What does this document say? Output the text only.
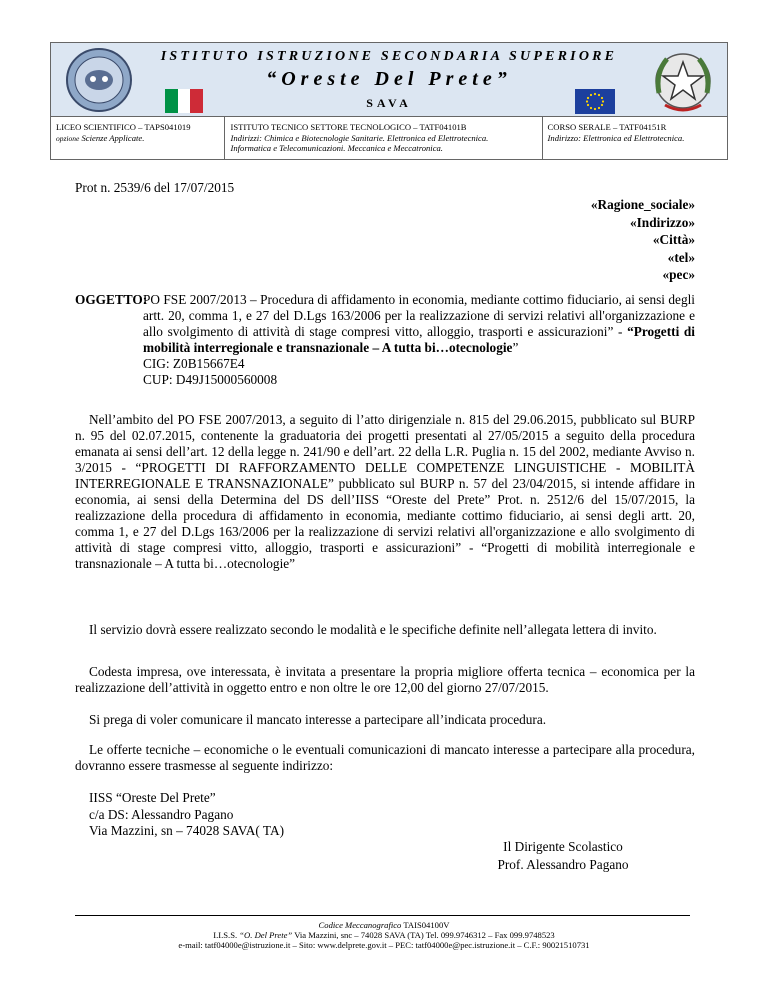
ISTITUTO ISTRUZIONE SECONDARIA SUPERIORE
“Oreste Del Prete”
SAVA
LICEO SCIENTIFICO – TAPS041019
opzione Scienze Applicate.
ISTITUTO TECNICO SETTORE TECNOLOGICO – TATF04101B
Indirizzi: Chimica e Biotecnologie Sanitarie. Elettronica ed Elettrotecnica.
Informatica e Telecomunicazioni. Meccanica e Meccatronica.
CORSO SERALE – TATF04151R
Indirizzo: Elettronica ed Elettrotecnica.
Prot n. 2539/6 del 17/07/2015
«Ragione_sociale»
«Indirizzo»
«Città»
«tel»
«pec»
OGGETTO:
PO FSE 2007/2013 – Procedura di affidamento in economia, mediante cottimo fiduciario, ai sensi degli artt. 20, comma 1, e 27 del D.Lgs 163/2006 per la realizzazione di servizi relativi all'organizzazione e allo svolgimento di attività di stage compresi vitto, alloggio, trasporti e assicurazioni” - “Progetti di mobilità interregionale e transnazionale – A tutta bi…otecnologie”
CIG: Z0B15667E4
CUP: D49J15000560008
Nell’ambito del PO FSE 2007/2013, a seguito di l’atto dirigenziale n. 815 del 29.06.2015, pubblicato sul BURP n. 95 del 02.07.2015, contenente la graduatoria dei progetti presentati al 27/05/2015 a seguito della procedura emanata ai sensi dell’art. 12 della legge n. 241/90 e dell’art. 22 della L.R. Puglia n. 15 del 2002, mediante Avviso n. 3/2015 - “PROGETTI DI RAFFORZAMENTO DELLE COMPETENZE LINGUISTICHE - MOBILITÀ INTERREGIONALE E TRANSNAZIONALE” pubblicato sul BURP n. 57 del 23/04/2015, si intende affidare in economia, ai sensi della Determina del DS dell’IISS “Oreste del Prete” Prot. n. 2512/6 del 15/07/2015, la realizzazione della procedura di affidamento in economia, mediante cottimo fiduciario, ai sensi degli artt. 20, comma 1, e 27 del D.Lgs 163/2006 per la realizzazione di servizi relativi all'organizzazione e allo svolgimento di attività di stage compresi vitto, alloggio, trasporti e assicurazioni” - “Progetti di mobilità interregionale e transnazionale – A tutta bi…otecnologie”
Il servizio dovrà essere realizzato secondo le modalità e le specifiche definite nell’allegata lettera di invito.
Codesta impresa, ove interessata, è invitata a presentare la propria migliore offerta tecnica – economica per la realizzazione dell’attività in oggetto entro e non oltre le ore 12,00 del giorno 27/07/2015.
Si prega di voler comunicare il mancato interesse a partecipare all’indicata procedura.
Le offerte tecniche – economiche o le eventuali comunicazioni di mancato interesse a partecipare alla procedura, dovranno essere trasmesse al seguente indirizzo:
IISS “Oreste Del Prete”
c/a DS: Alessandro Pagano
Via Mazzini, sn – 74028 SAVA( TA)
Il Dirigente Scolastico
Prof. Alessandro Pagano
Codice Meccanografico TAIS04100V
I.I.S.S. “O. Del Prete” Via Mazzini, snc – 74028 SAVA (TA) Tel. 099.9746312 – Fax 099.9748523
e-mail: tatf04000e@istruzione.it – Sito: www.delprete.gov.it – PEC: tatf04000e@pec.istruzione.it – C.F.: 90021510731
